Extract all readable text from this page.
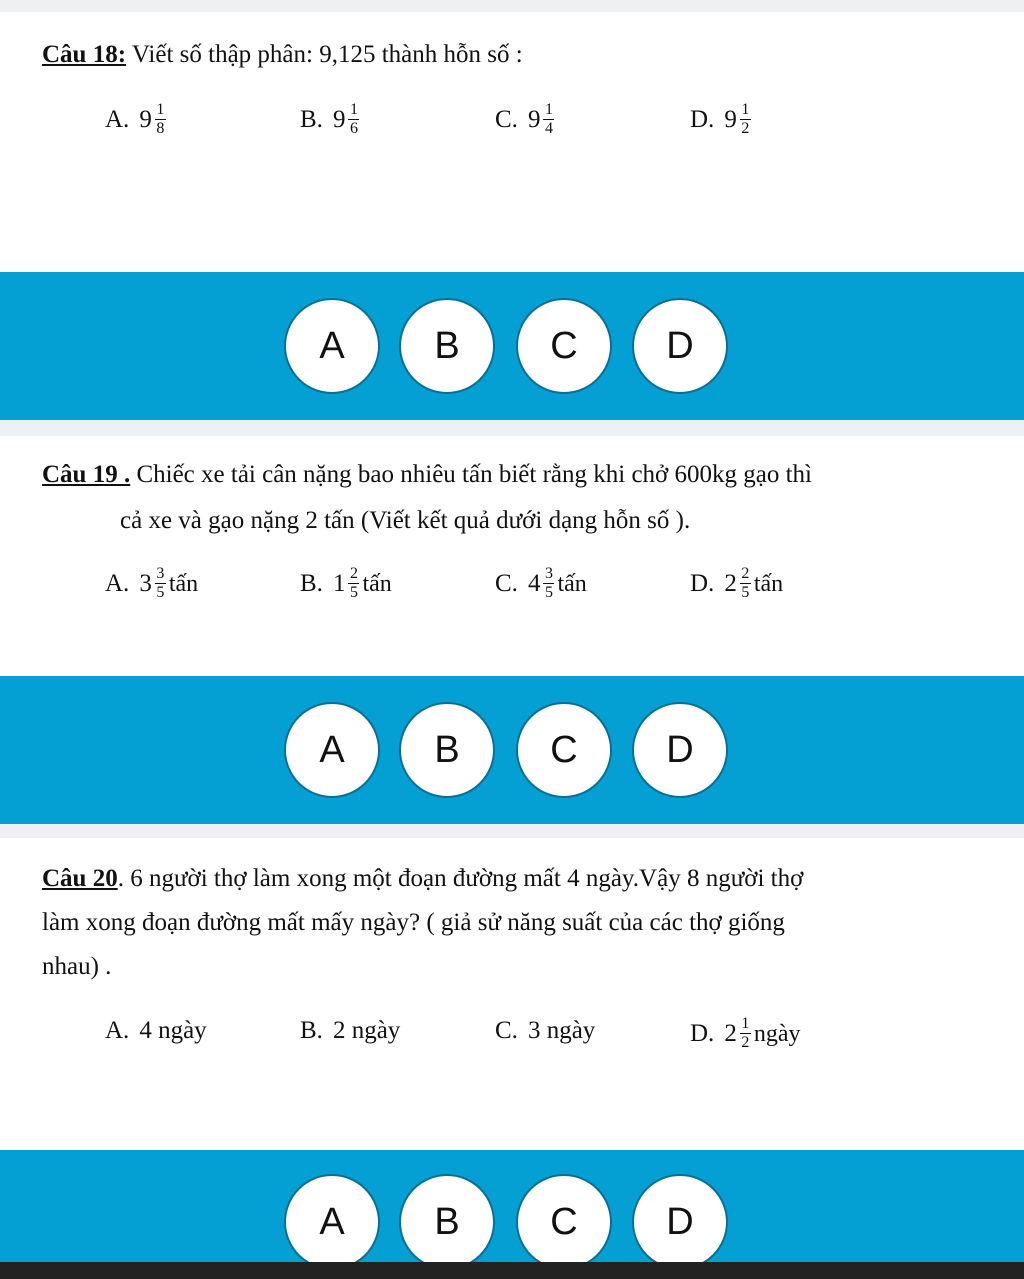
Câu 18: Viết số thập phân: 9,125 thành hỗn số :
A. $9 \frac{1}{8}$	B. $9 \frac{1}{6}$	C. $9 \frac{1}{4}$	D. $9 \frac{1}{2}$
A	B	C	D
Câu 19 . Chiếc xe tải cân nặng bao nhiêu tấn biết rằng khi chở 600kg gạo thì
cả xe và gạo nặng 2 tấn (Viết kết quả dưới dạng hỗn số ).
A. $3 \frac{3}{5}$ tấn	B. $1 \frac{2}{5}$ tấn	C. $4 \frac{3}{5}$ tấn	D. $2 \frac{2}{5}$ tấn
A	B	C	D
Câu 20. 6 người thợ làm xong một đoạn đường mất 4 ngày.Vậy 8 người thợ
làm xong đoạn đường mất mấy ngày? ( giả sử năng suất của các thợ giống
nhau) .
A. 4 ngày	B. 2 ngày	C. 3 ngày	D. $2 \frac{1}{2}$ ngày
A	B	C	D
